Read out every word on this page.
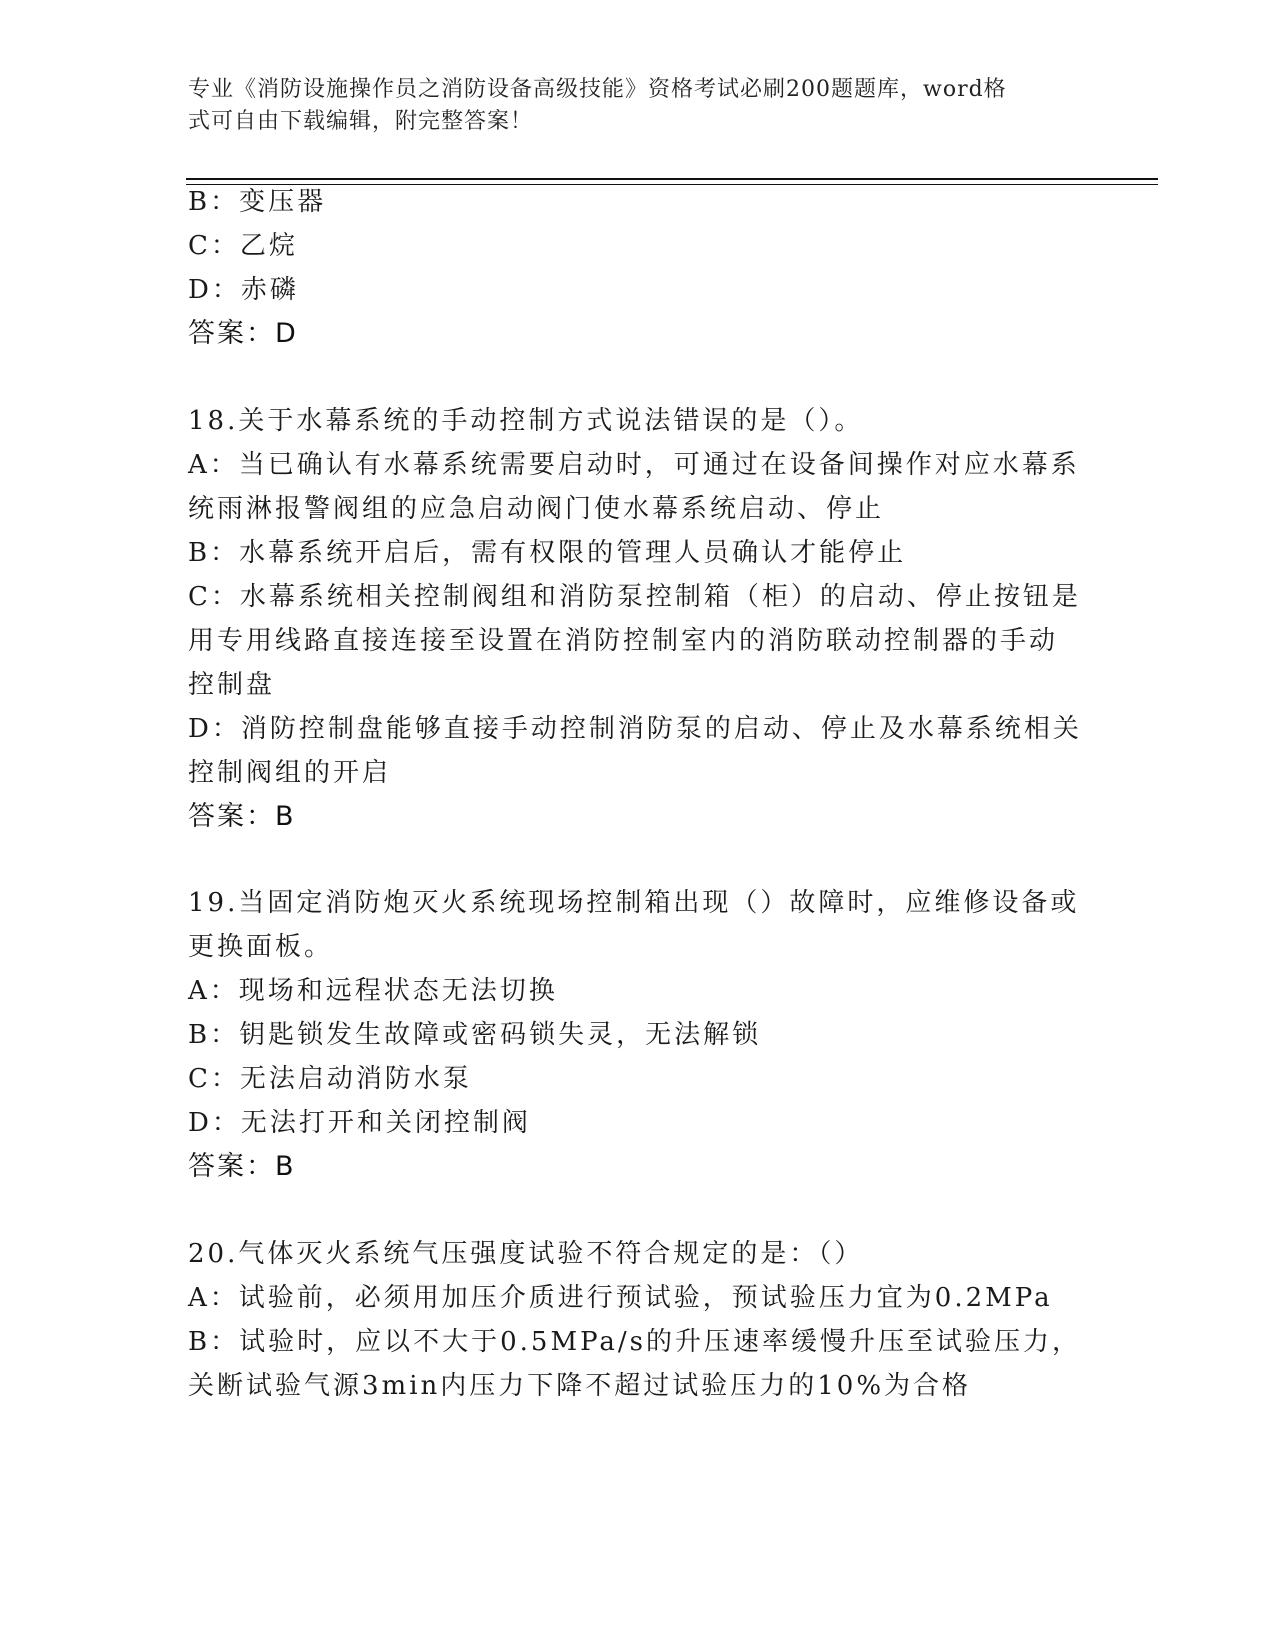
专业《消防设施操作员之消防设备高级技能》资格考试必刷200题题库，word格
式可自由下载编辑，附完整答案！
B：变压器
C：乙烷
D：赤磷
答案：D
18.关于水幕系统的手动控制方式说法错误的是（）。
A：当已确认有水幕系统需要启动时，可通过在设备间操作对应水幕系
统雨淋报警阀组的应急启动阀门使水幕系统启动、停止
B：水幕系统开启后，需有权限的管理人员确认才能停止
C：水幕系统相关控制阀组和消防泵控制箱（柜）的启动、停止按钮是
用专用线路直接连接至设置在消防控制室内的消防联动控制器的手动
控制盘
D：消防控制盘能够直接手动控制消防泵的启动、停止及水幕系统相关
控制阀组的开启
答案：B
19.当固定消防炮灭火系统现场控制箱出现（）故障时，应维修设备或
更换面板。
A：现场和远程状态无法切换
B：钥匙锁发生故障或密码锁失灵，无法解锁
C：无法启动消防水泵
D：无法打开和关闭控制阀
答案：B
20.气体灭火系统气压强度试验不符合规定的是：（）
A：试验前，必须用加压介质进行预试验，预试验压力宜为0.2MPa
B：试验时，应以不大于0.5MPa/s的升压速率缓慢升压至试验压力，
关断试验气源3min内压力下降不超过试验压力的10%为合格
